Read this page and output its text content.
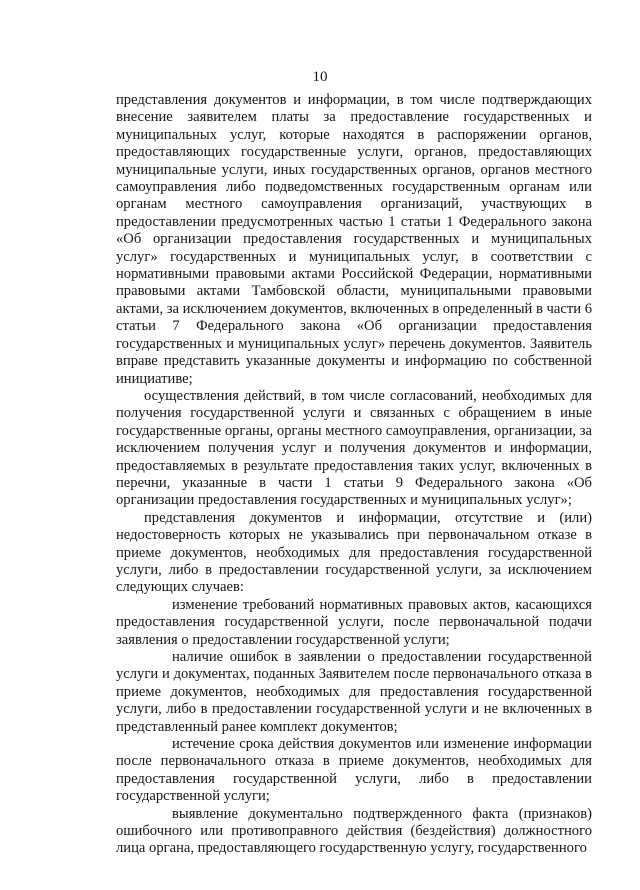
10

представления документов и информации, в том числе подтверждающих внесение заявителем платы за предоставление государственных и муниципальных услуг, которые находятся в распоряжении органов, предоставляющих государственные услуги, органов, предоставляющих муниципальные услуги, иных государственных органов, органов местного самоуправления либо подведомственных государственным органам или органам местного самоуправления организаций, участвующих в предоставлении предусмотренных частью 1 статьи 1 Федерального закона «Об организации предоставления государственных и муниципальных услуг» государственных и муниципальных услуг, в соответствии с нормативными правовыми актами Российской Федерации, нормативными правовыми актами Тамбовской области, муниципальными правовыми актами, за исключением документов, включенных в определенный в части 6 статьи 7 Федерального закона «Об организации предоставления государственных и муниципальных услуг» перечень документов. Заявитель вправе представить указанные документы и информацию по собственной инициативе;

осуществления действий, в том числе согласований, необходимых для получения государственной услуги и связанных с обращением в иные государственные органы, органы местного самоуправления, организации, за исключением получения услуг и получения документов и информации, предоставляемых в результате предоставления таких услуг, включенных в перечни, указанные в части 1 статьи 9 Федерального закона «Об организации предоставления государственных и муниципальных услуг»;

представления документов и информации, отсутствие и (или) недостоверность которых не указывались при первоначальном отказе в приеме документов, необходимых для предоставления государственной услуги, либо в предоставлении государственной услуги, за исключением следующих случаев:

изменение требований нормативных правовых актов, касающихся предоставления государственной услуги, после первоначальной подачи заявления о предоставлении государственной услуги;

наличие ошибок в заявлении о предоставлении государственной услуги и документах, поданных Заявителем после первоначального отказа в приеме документов, необходимых для предоставления государственной услуги, либо в предоставлении государственной услуги и не включенных в представленный ранее комплект документов;

истечение срока действия документов или изменение информации после первоначального отказа в приеме документов, необходимых для предоставления государственной услуги, либо в предоставлении государственной услуги;

выявление документально подтвержденного факта (признаков) ошибочного или противоправного действия (бездействия) должностного лица органа, предоставляющего государственную услугу, государственного
